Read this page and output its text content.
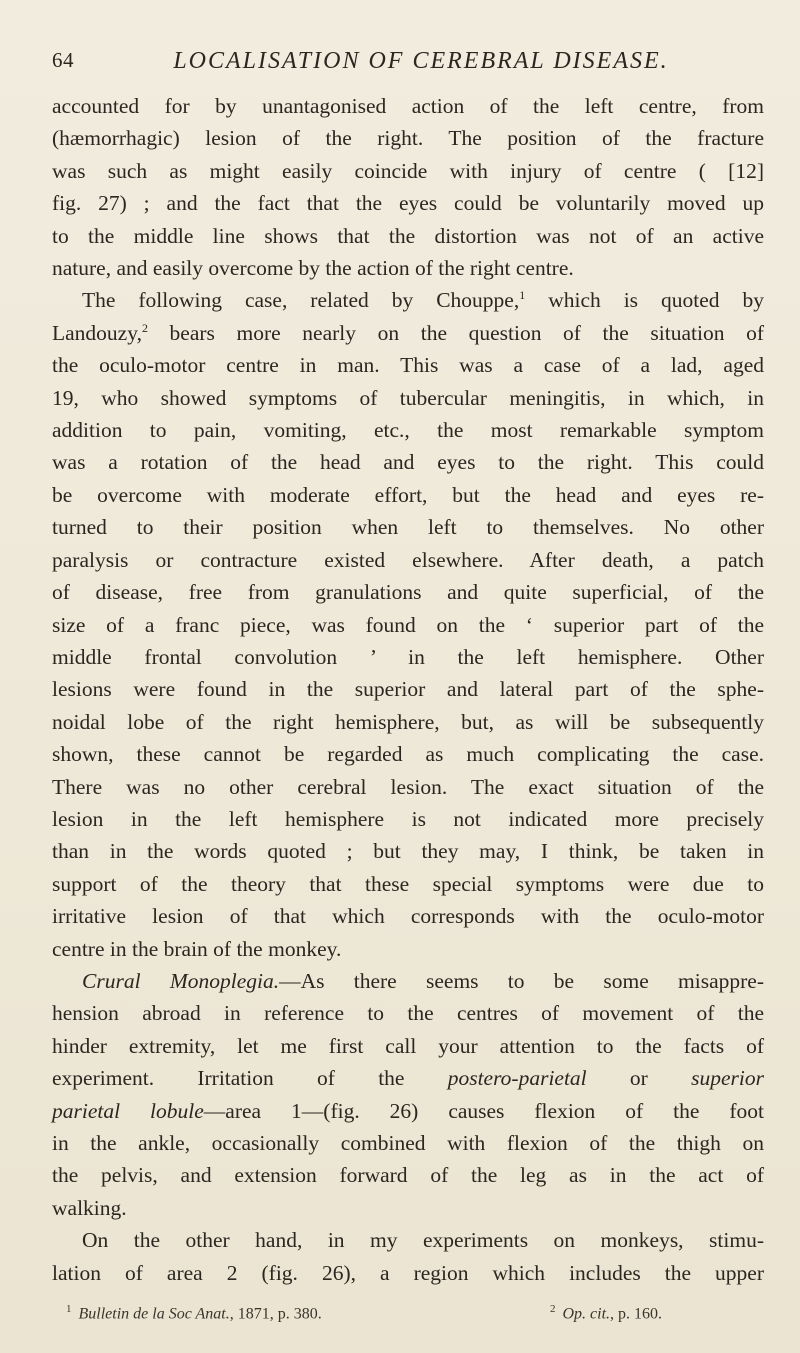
64	LOCALISATION OF CEREBRAL DISEASE.

accounted for by unantagonised action of the left centre, from
(hæmorrhagic) lesion of the right. The position of the fracture
was such as might easily coincide with injury of centre ( [12]
fig. 27) ; and the fact that the eyes could be voluntarily moved up
to the middle line shows that the distortion was not of an active
nature, and easily overcome by the action of the right centre.

The following case, related by Chouppe,$^1$ which is quoted by
Landouzy,$^2$ bears more nearly on the question of the situation of
the oculo-motor centre in man. This was a case of a lad, aged
19, who showed symptoms of tubercular meningitis, in which, in
addition to pain, vomiting, etc., the most remarkable symptom
was a rotation of the head and eyes to the right. This could
be overcome with moderate effort, but the head and eyes re-
turned to their position when left to themselves. No other
paralysis or contracture existed elsewhere. After death, a patch
of disease, free from granulations and quite superficial, of the
size of a franc piece, was found on the ‘ superior part of the
middle frontal convolution ’ in the left hemisphere. Other
lesions were found in the superior and lateral part of the sphe-
noidal lobe of the right hemisphere, but, as will be subsequently
shown, these cannot be regarded as much complicating the case.
There was no other cerebral lesion. The exact situation of the
lesion in the left hemisphere is not indicated more precisely
than in the words quoted ; but they may, I think, be taken in
support of the theory that these special symptoms were due to
irritative lesion of that which corresponds with the oculo-motor
centre in the brain of the monkey.

Crural Monoplegia.—As there seems to be some misappre-
hension abroad in reference to the centres of movement of the
hinder extremity, let me first call your attention to the facts of
experiment. Irritation of the postero-parietal or superior
parietal lobule—area 1—(fig. 26) causes flexion of the foot
in the ankle, occasionally combined with flexion of the thigh on
the pelvis, and extension forward of the leg as in the act of
walking.

On the other hand, in my experiments on monkeys, stimu-
lation of area 2 (fig. 26), a region which includes the upper

$^1$ Bulletin de la Soc Anat., 1871, p. 380.	$^2$ Op. cit., p. 160.
